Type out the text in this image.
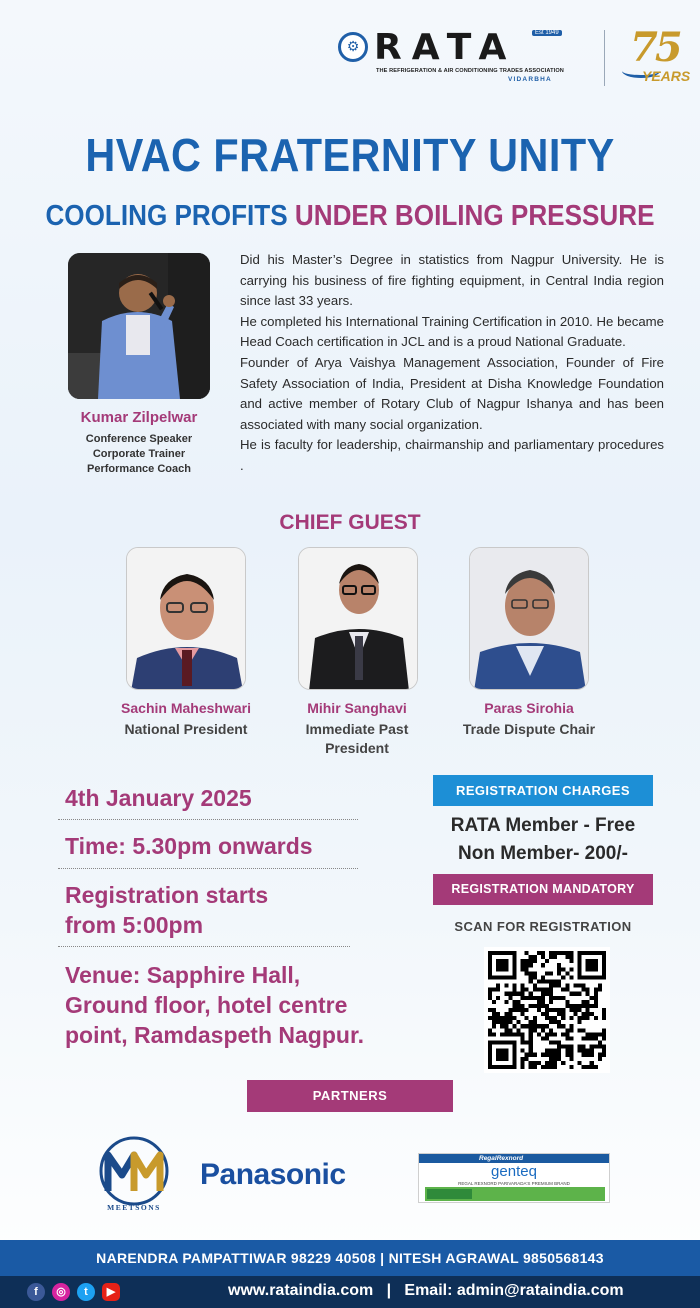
⚙ RATA	Est 1949
THE REFRIGERATION & AIR CONDITIONING TRADES ASSOCIATION
VIDARBHA
75
YEARS
HVAC FRATERNITY UNITY
COOLING PROFITS UNDER BOILING PRESSURE
Kumar Zilpelwar
Conference Speaker
Corporate Trainer
Performance Coach
Did his Master’s Degree in statistics from Nagpur University. He is carrying his business of fire fighting equipment, in Central India region since last 33 years.
He completed his International Training Certification in 2010. He became Head Coach certification in JCL and is a proud National Graduate.
Founder of Arya Vaishya Management Association, Founder of Fire Safety Association of India, President at Disha Knowledge Foundation and active member of Rotary Club of Nagpur Ishanya and has been associated with many social organization.
He is faculty for leadership, chairmanship and parliamentary procedures .
CHIEF GUEST
Sachin Maheshwari
National President
Mihir Sanghavi
Immediate Past President
Paras Sirohia
Trade Dispute Chair
4th January 2025
Time: 5.30pm onwards
Registration starts
from 5:00pm
Venue: Sapphire Hall,
Ground floor, hotel centre
point, Ramdaspeth Nagpur.
REGISTRATION CHARGES
RATA Member - Free
Non Member- 200/-
REGISTRATION MANDATORY
SCAN FOR REGISTRATION
PARTNERS
MEETSONS
Panasonic	RegalRexnord
genteq
REGAL REXNORD PARIVARADA'S PREMIUM BRAND
NARENDRA PAMPATTIWAR 98229 40508 | NITESH AGRAWAL 9850568143
f	◎	t	▶	www.rataindia.com | Email: admin@rataindia.com
